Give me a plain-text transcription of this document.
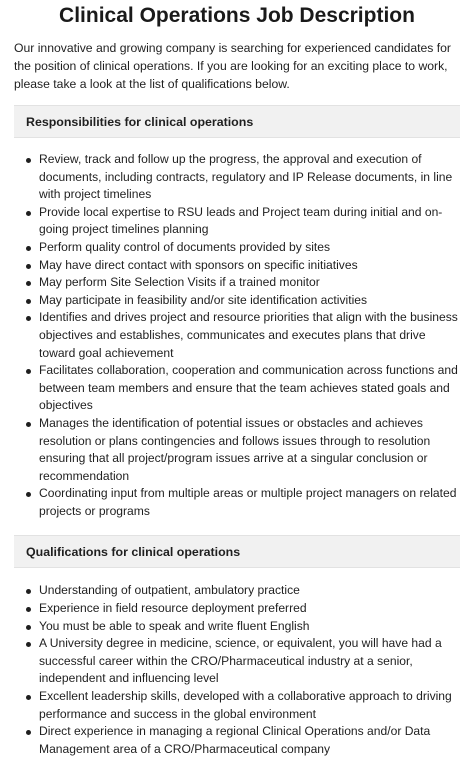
Clinical Operations Job Description

Our innovative and growing company is searching for experienced candidates for the position of clinical operations. If you are looking for an exciting place to work, please take a look at the list of qualifications below.

Responsibilities for clinical operations
Review, track and follow up the progress, the approval and execution of documents, including contracts, regulatory and IP Release documents, in line with project timelines
Provide local expertise to RSU leads and Project team during initial and on-going project timelines planning
Perform quality control of documents provided by sites
May have direct contact with sponsors on specific initiatives
May perform Site Selection Visits if a trained monitor
May participate in feasibility and/or site identification activities
Identifies and drives project and resource priorities that align with the business objectives and establishes, communicates and executes plans that drive toward goal achievement
Facilitates collaboration, cooperation and communication across functions and between team members and ensure that the team achieves stated goals and objectives
Manages the identification of potential issues or obstacles and achieves resolution or plans contingencies and follows issues through to resolution ensuring that all project/program issues arrive at a singular conclusion or recommendation
Coordinating input from multiple areas or multiple project managers on related projects or programs
Qualifications for clinical operations
Understanding of outpatient, ambulatory practice
Experience in field resource deployment preferred
You must be able to speak and write fluent English
A University degree in medicine, science, or equivalent, you will have had a successful career within the CRO/Pharmaceutical industry at a senior, independent and influencing level
Excellent leadership skills, developed with a collaborative approach to driving performance and success in the global environment
Direct experience in managing a regional Clinical Operations and/or Data Management area of a CRO/Pharmaceutical company
